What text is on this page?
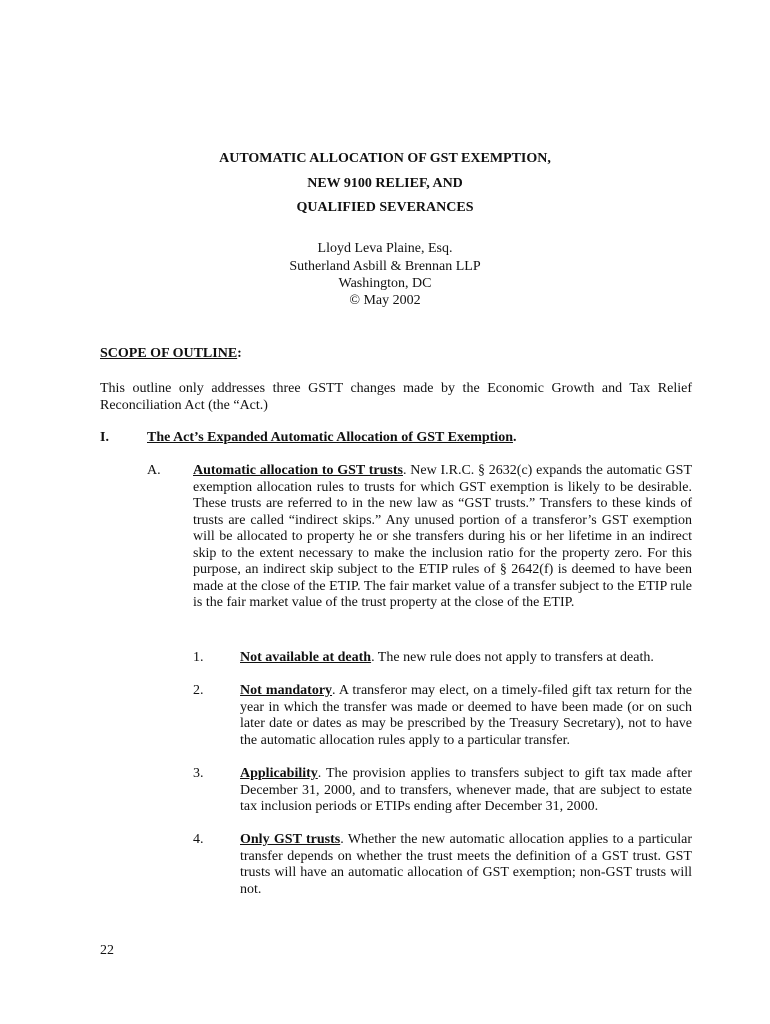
AUTOMATIC ALLOCATION OF GST EXEMPTION,
NEW 9100 RELIEF, AND
QUALIFIED SEVERANCES
Lloyd Leva Plaine, Esq.
Sutherland Asbill & Brennan LLP
Washington, DC
© May 2002
SCOPE OF OUTLINE:
This outline only addresses three GSTT changes made by the Economic Growth and Tax Relief Reconciliation Act (the “Act.)
I.	The Act’s Expanded Automatic Allocation of GST Exemption.
A. Automatic allocation to GST trusts. New I.R.C. § 2632(c) expands the automatic GST exemption allocation rules to trusts for which GST exemption is likely to be desirable. These trusts are referred to in the new law as “GST trusts.” Transfers to these kinds of trusts are called “indirect skips.” Any unused portion of a transferor’s GST exemption will be allocated to property he or she transfers during his or her lifetime in an indirect skip to the extent necessary to make the inclusion ratio for the property zero. For this purpose, an indirect skip subject to the ETIP rules of § 2642(f) is deemed to have been made at the close of the ETIP. The fair market value of a transfer subject to the ETIP rule is the fair market value of the trust property at the close of the ETIP.
1.	Not available at death. The new rule does not apply to transfers at death.
2.	Not mandatory. A transferor may elect, on a timely-filed gift tax return for the year in which the transfer was made or deemed to have been made (or on such later date or dates as may be prescribed by the Treasury Secretary), not to have the automatic allocation rules apply to a particular transfer.
3.	Applicability. The provision applies to transfers subject to gift tax made after December 31, 2000, and to transfers, whenever made, that are subject to estate tax inclusion periods or ETIPs ending after December 31, 2000.
4.	Only GST trusts. Whether the new automatic allocation applies to a particular transfer depends on whether the trust meets the definition of a GST trust. GST trusts will have an automatic allocation of GST exemption; non-GST trusts will not.
22
